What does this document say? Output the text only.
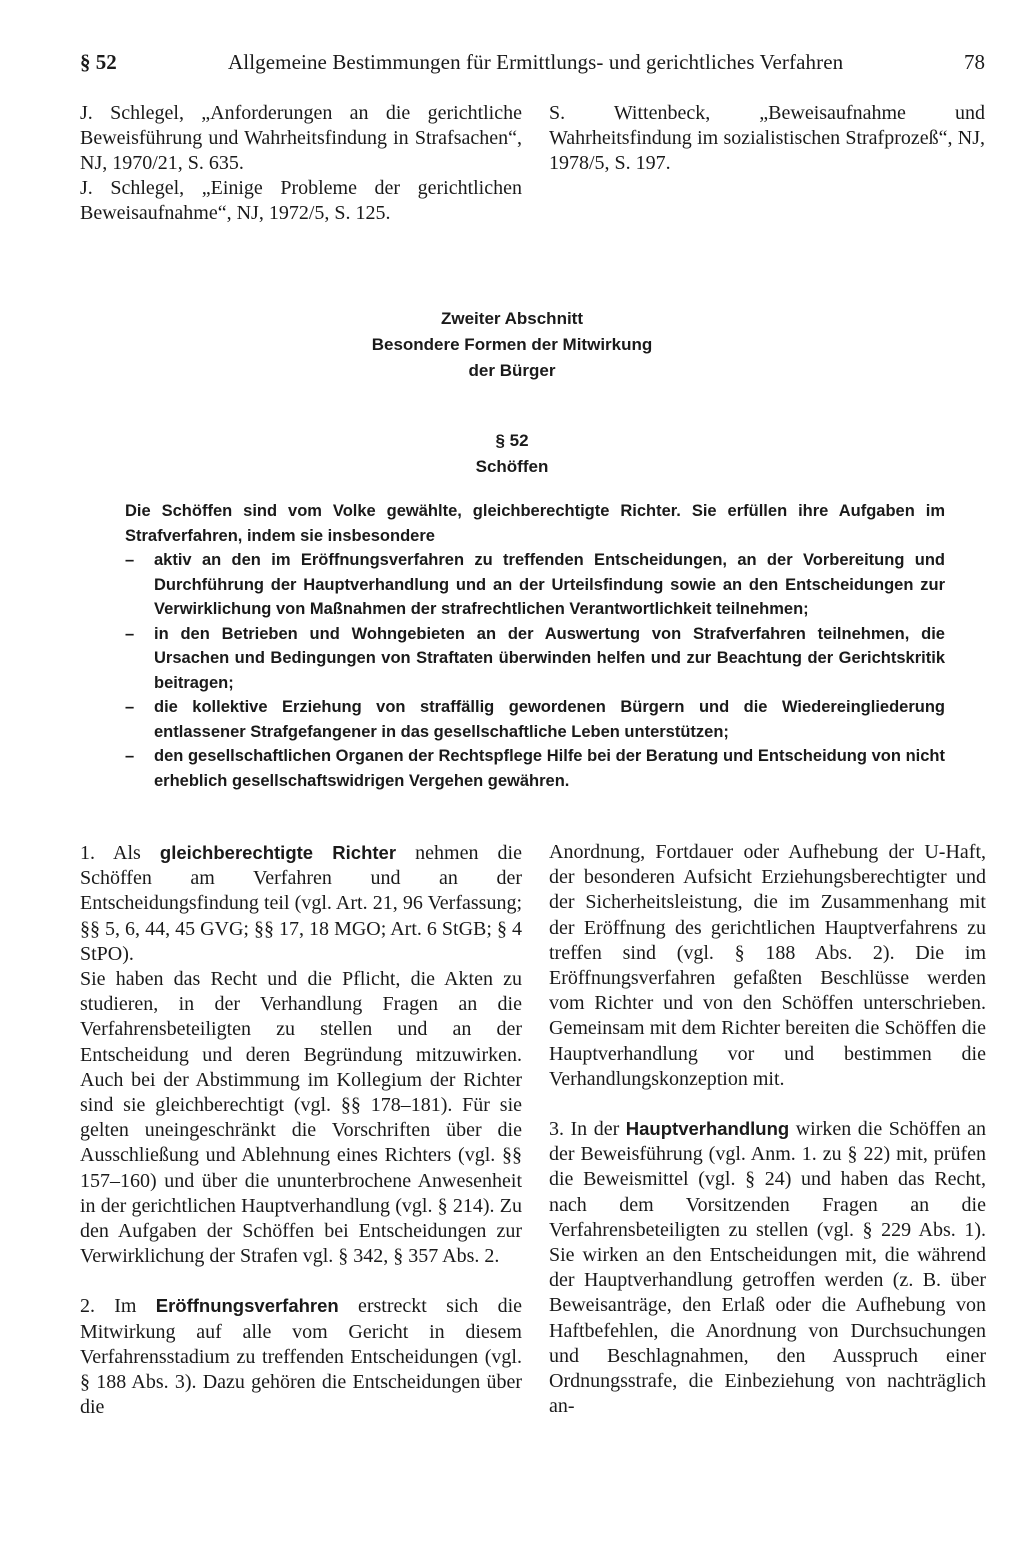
§ 52	Allgemeine Bestimmungen für Ermittlungs- und gerichtliches Verfahren	78

J. Schlegel, „Anforderungen an die gerichtliche Beweisführung und Wahrheitsfindung in Strafsachen“, NJ, 1970/21, S. 635.

J. Schlegel, „Einige Probleme der gerichtlichen Beweisaufnahme“, NJ, 1972/5, S. 125.

S. Wittenbeck, „Beweisaufnahme und Wahrheitsfindung im sozialistischen Strafprozeß“, NJ, 1978/5, S. 197.

Zweiter Abschnitt
Besondere Formen der Mitwirkung
der Bürger
§ 52
Schöffen

Die Schöffen sind vom Volke gewählte, gleichberechtigte Richter. Sie erfüllen ihre Aufgaben im Strafverfahren, indem sie insbesondere

– aktiv an den im Eröffnungsverfahren zu treffenden Entscheidungen, an der Vorbereitung und Durchführung der Hauptverhandlung und an der Urteilsfindung sowie an den Entscheidungen zur Verwirklichung von Maßnahmen der strafrechtlichen Verantwortlichkeit teilnehmen;
– in den Betrieben und Wohngebieten an der Auswertung von Strafverfahren teilnehmen, die Ursachen und Bedingungen von Straftaten überwinden helfen und zur Beachtung der Gerichtskritik beitragen;
– die kollektive Erziehung von straffällig gewordenen Bürgern und die Wiedereingliederung entlassener Strafgefangener in das gesellschaftliche Leben unterstützen;
– den gesellschaftlichen Organen der Rechtspflege Hilfe bei der Beratung und Entscheidung von nicht erheblich gesellschaftswidrigen Vergehen gewähren.

1. Als gleichberechtigte Richter nehmen die Schöffen am Verfahren und an der Entscheidungsfindung teil (vgl. Art. 21, 96 Verfassung; §§ 5, 6, 44, 45 GVG; §§ 17, 18 MGO; Art. 6 StGB; § 4 StPO).

Sie haben das Recht und die Pflicht, die Akten zu studieren, in der Verhandlung Fragen an die Verfahrensbeteiligten zu stellen und an der Entscheidung und deren Begründung mitzuwirken. Auch bei der Abstimmung im Kollegium der Richter sind sie gleichberechtigt (vgl. §§ 178–181). Für sie gelten uneingeschränkt die Vorschriften über die Ausschließung und Ablehnung eines Richters (vgl. §§ 157–160) und über die ununterbrochene Anwesenheit in der gerichtlichen Hauptverhandlung (vgl. § 214). Zu den Aufgaben der Schöffen bei Entscheidungen zur Verwirklichung der Strafen vgl. § 342, § 357 Abs. 2.

2. Im Eröffnungsverfahren erstreckt sich die Mitwirkung auf alle vom Gericht in diesem Verfahrensstadium zu treffenden Entscheidungen (vgl. § 188 Abs. 3). Dazu gehören die Entscheidungen über die

Anordnung, Fortdauer oder Aufhebung der U-Haft, der besonderen Aufsicht Erziehungsberechtigter und der Sicherheitsleistung, die im Zusammenhang mit der Eröffnung des gerichtlichen Hauptverfahrens zu treffen sind (vgl. § 188 Abs. 2). Die im Eröffnungsverfahren gefaßten Beschlüsse werden vom Richter und von den Schöffen unterschrieben. Gemeinsam mit dem Richter bereiten die Schöffen die Hauptverhandlung vor und bestimmen die Verhandlungskonzeption mit.

3. In der Hauptverhandlung wirken die Schöffen an der Beweisführung (vgl. Anm. 1. zu § 22) mit, prüfen die Beweismittel (vgl. § 24) und haben das Recht, nach dem Vorsitzenden Fragen an die Verfahrensbeteiligten zu stellen (vgl. § 229 Abs. 1). Sie wirken an den Entscheidungen mit, die während der Hauptverhandlung getroffen werden (z. B. über Beweisanträge, den Erlaß oder die Aufhebung von Haftbefehlen, die Anordnung von Durchsuchungen und Beschlagnahmen, den Ausspruch einer Ordnungsstrafe, die Einbeziehung von nachträglich an-
